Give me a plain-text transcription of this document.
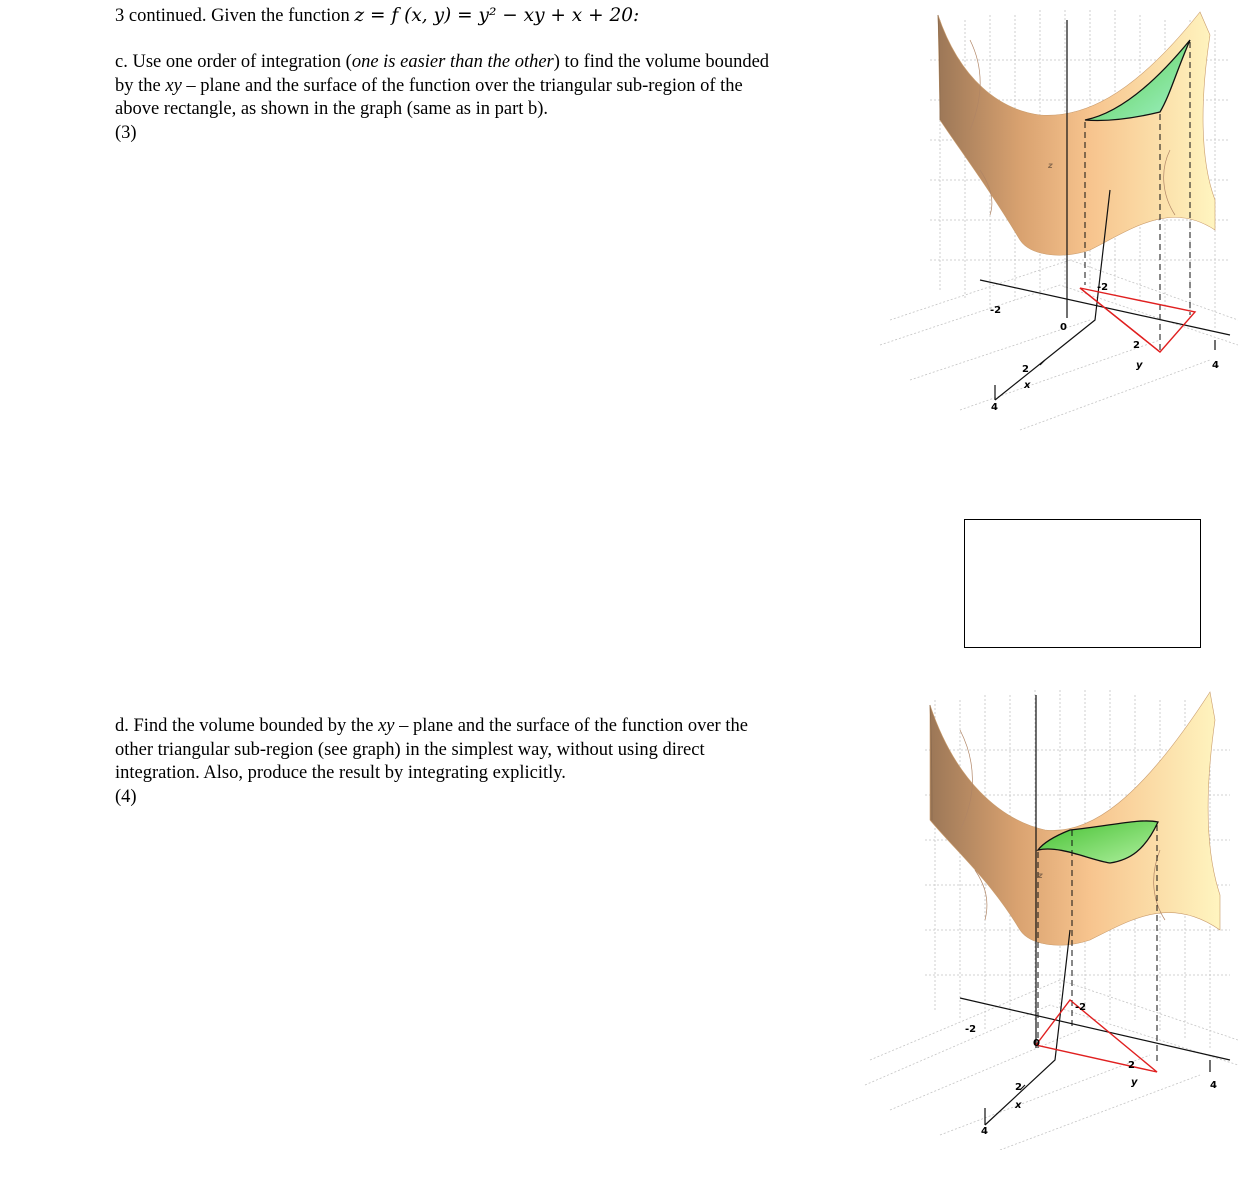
3 continued. Given the function z = f (x, y) = y² − xy + x + 20:
c. Use one order of integration (one is easier than the other) to find the volume bounded
by the xy – plane and the surface of the function over the triangular sub-region of the
above rectangle, as shown in the graph (same as in part b).
(3)
-2
-2
0
2
2
4
4
x
y
z
d. Find the volume bounded by the xy – plane and the surface of the function over the
other triangular sub-region (see graph) in the simplest way, without using direct
integration. Also, produce the result by integrating explicitly.
(4)
-2
-2
0
2
2
4
4
x
y
z
